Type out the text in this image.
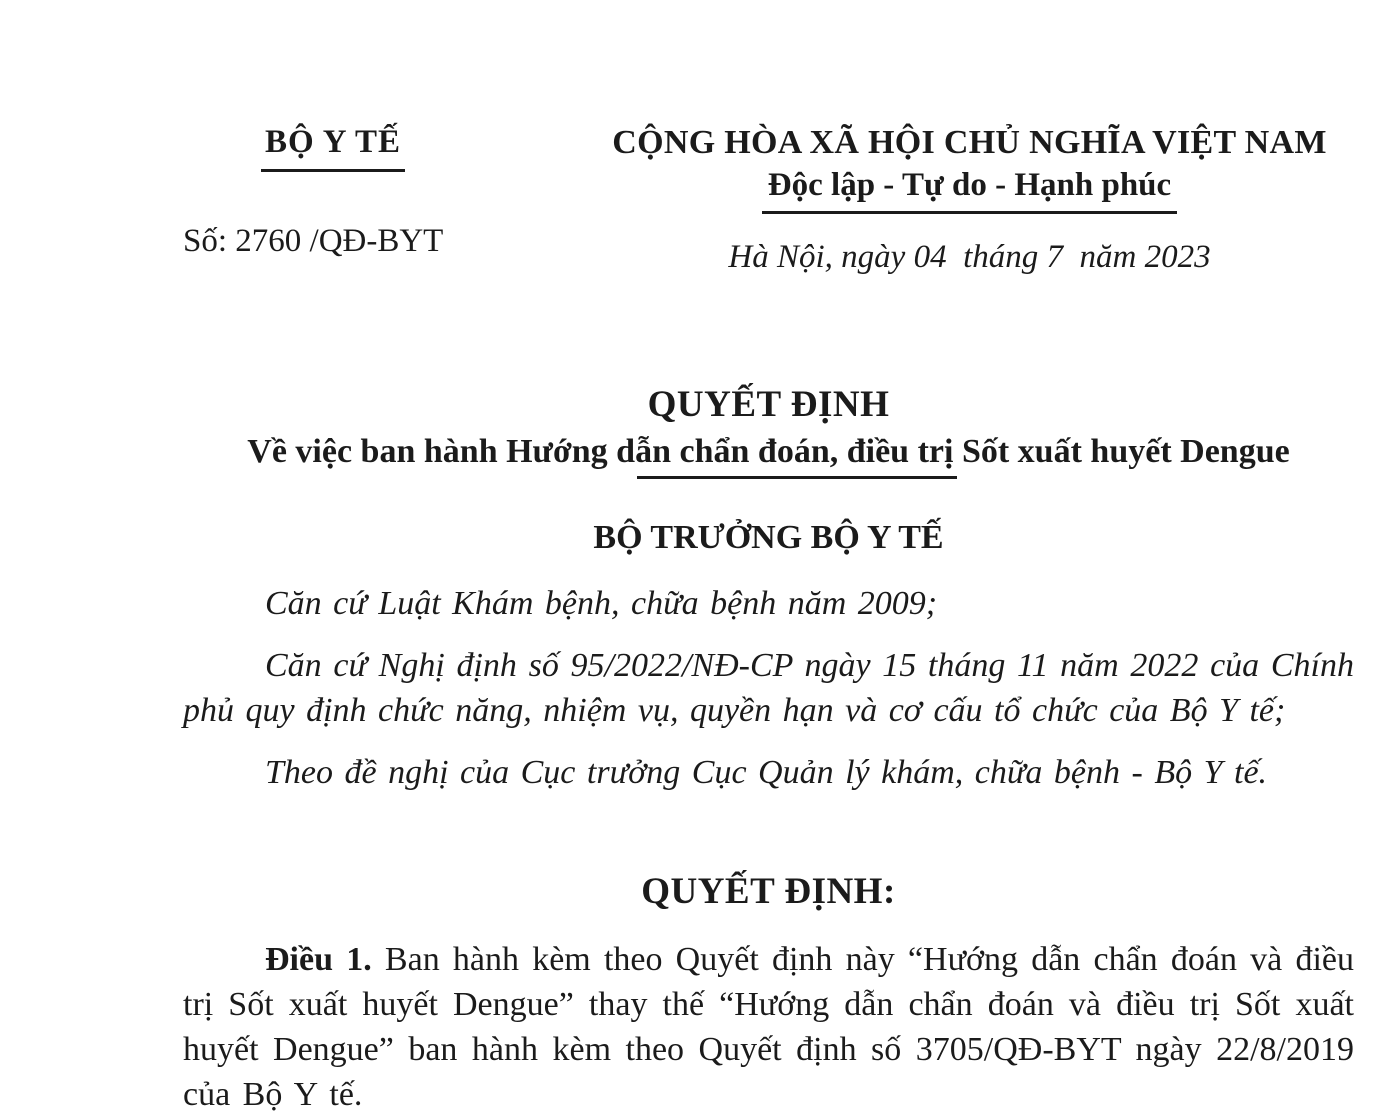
BỘ Y TẾ
Số: 2760 /QĐ-BYT
CỘNG HÒA XÃ HỘI CHỦ NGHĨA VIỆT NAM
Độc lập - Tự do - Hạnh phúc
Hà Nội, ngày 04  tháng 7  năm 2023
QUYẾT ĐỊNH
Về việc ban hành Hướng dẫn chẩn đoán, điều trị Sốt xuất huyết Dengue
BỘ TRƯỞNG BỘ Y TẾ

Căn cứ Luật Khám bệnh, chữa bệnh năm 2009;

Căn cứ Nghị định số 95/2022/NĐ-CP ngày 15 tháng 11 năm 2022 của Chính phủ quy định chức năng, nhiệm vụ, quyền hạn và cơ cấu tổ chức của Bộ Y tế;

Theo đề nghị của Cục trưởng Cục Quản lý khám, chữa bệnh - Bộ Y tế.

QUYẾT ĐỊNH:

Điều 1. Ban hành kèm theo Quyết định này “Hướng dẫn chẩn đoán và điều trị Sốt xuất huyết Dengue” thay thế “Hướng dẫn chẩn đoán và điều trị Sốt xuất huyết Dengue” ban hành kèm theo Quyết định số 3705/QĐ-BYT ngày 22/8/2019 của Bộ Y tế.
